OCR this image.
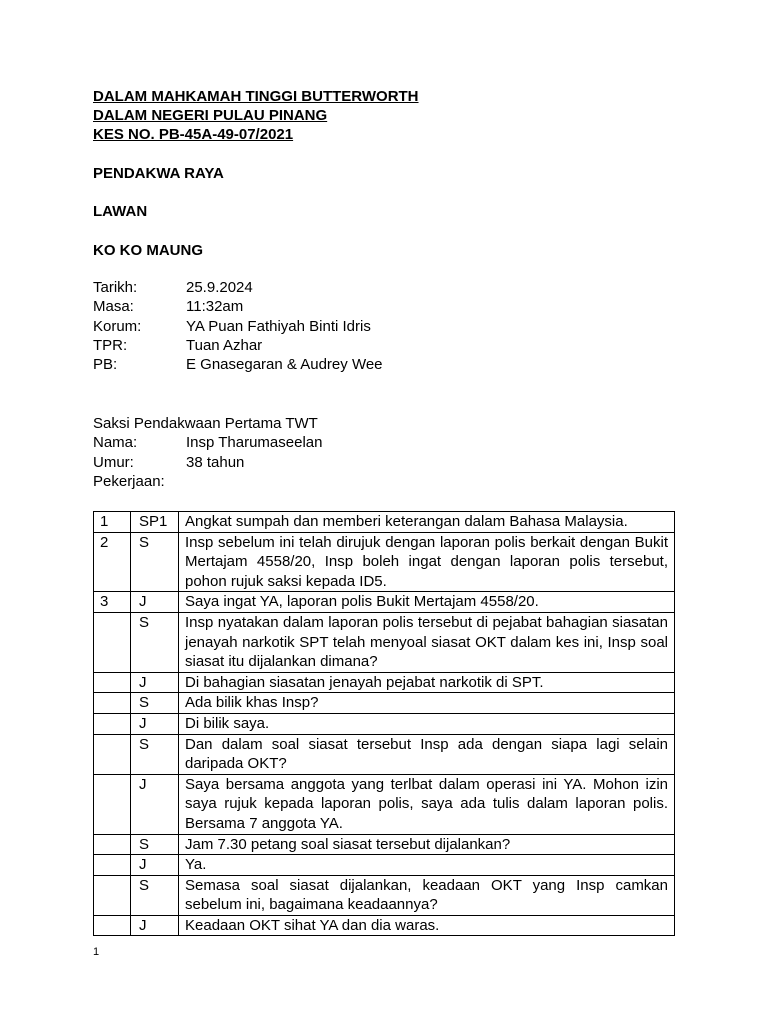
DALAM MAHKAMAH TINGGI BUTTERWORTH
DALAM NEGERI PULAU PINANG
KES NO. PB-45A-49-07/2021
PENDAKWA RAYA
LAWAN
KO KO MAUNG
Tarikh:	25.9.2024
Masa:	11:32am
Korum:	YA Puan Fathiyah Binti Idris
TPR:	Tuan Azhar
PB:	E Gnasegaran & Audrey Wee
Saksi Pendakwaan Pertama TWT
Nama:	Insp Tharumaseelan
Umur:	38 tahun
Pekerjaan:
1	SP1	Angkat sumpah dan memberi keterangan dalam Bahasa Malaysia.
2	S	Insp sebelum ini telah dirujuk dengan laporan polis berkait dengan Bukit Mertajam 4558/20, Insp boleh ingat dengan laporan polis tersebut, pohon rujuk saksi kepada ID5.
3	J	Saya ingat YA, laporan polis Bukit Mertajam 4558/20.
	S	Insp nyatakan dalam laporan polis tersebut di pejabat bahagian siasatan jenayah narkotik SPT telah menyoal siasat OKT dalam kes ini, Insp soal siasat itu dijalankan dimana?
	J	Di bahagian siasatan jenayah pejabat narkotik di SPT.
	S	Ada bilik khas Insp?
	J	Di bilik saya.
	S	Dan dalam soal siasat tersebut Insp ada dengan siapa lagi selain daripada OKT?
	J	Saya bersama anggota yang terlbat dalam operasi ini YA. Mohon izin saya rujuk kepada laporan polis, saya ada tulis dalam laporan polis. Bersama 7 anggota YA.
	S	Jam 7.30 petang soal siasat tersebut dijalankan?
	J	Ya.
	S	Semasa soal siasat dijalankan, keadaan OKT yang Insp camkan sebelum ini, bagaimana keadaannya?
	J	Keadaan OKT sihat YA dan dia waras.
1
